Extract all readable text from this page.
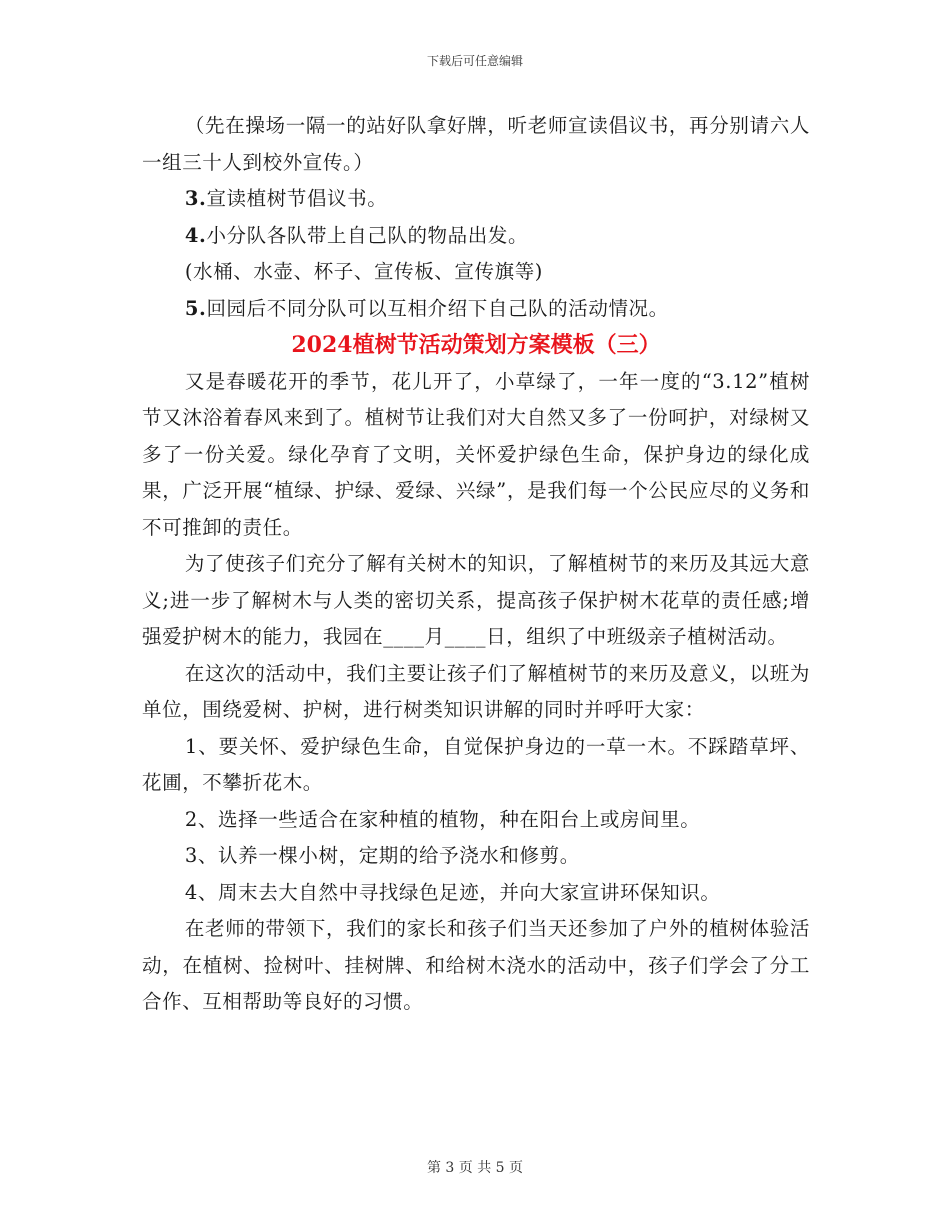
下载后可任意编辑

（先在操场一隔一的站好队拿好牌，听老师宣读倡议书，再分别请六人一组三十人到校外宣传。）

3.宣读植树节倡议书。

4.小分队各队带上自己队的物品出发。

(水桶、水壶、杯子、宣传板、宣传旗等)

5.回园后不同分队可以互相介绍下自己队的活动情况。

2024植树节活动策划方案模板（三）

又是春暖花开的季节，花儿开了，小草绿了，一年一度的“3.12”植树节又沐浴着春风来到了。植树节让我们对大自然又多了一份呵护，对绿树又多了一份关爱。绿化孕育了文明，关怀爱护绿色生命，保护身边的绿化成果，广泛开展“植绿、护绿、爱绿、兴绿”，是我们每一个公民应尽的义务和不可推卸的责任。

为了使孩子们充分了解有关树木的知识，了解植树节的来历及其远大意义;进一步了解树木与人类的密切关系，提高孩子保护树木花草的责任感;增强爱护树木的能力，我园在____月____日，组织了中班级亲子植树活动。

在这次的活动中，我们主要让孩子们了解植树节的来历及意义，以班为单位，围绕爱树、护树，进行树类知识讲解的同时并呼吁大家：

1、要关怀、爱护绿色生命，自觉保护身边的一草一木。不踩踏草坪、花圃，不攀折花木。

2、选择一些适合在家种植的植物，种在阳台上或房间里。

3、认养一棵小树，定期的给予浇水和修剪。

4、周末去大自然中寻找绿色足迹，并向大家宣讲环保知识。

在老师的带领下，我们的家长和孩子们当天还参加了户外的植树体验活动，在植树、捡树叶、挂树牌、和给树木浇水的活动中，孩子们学会了分工合作、互相帮助等良好的习惯。

第 3 页 共 5 页
